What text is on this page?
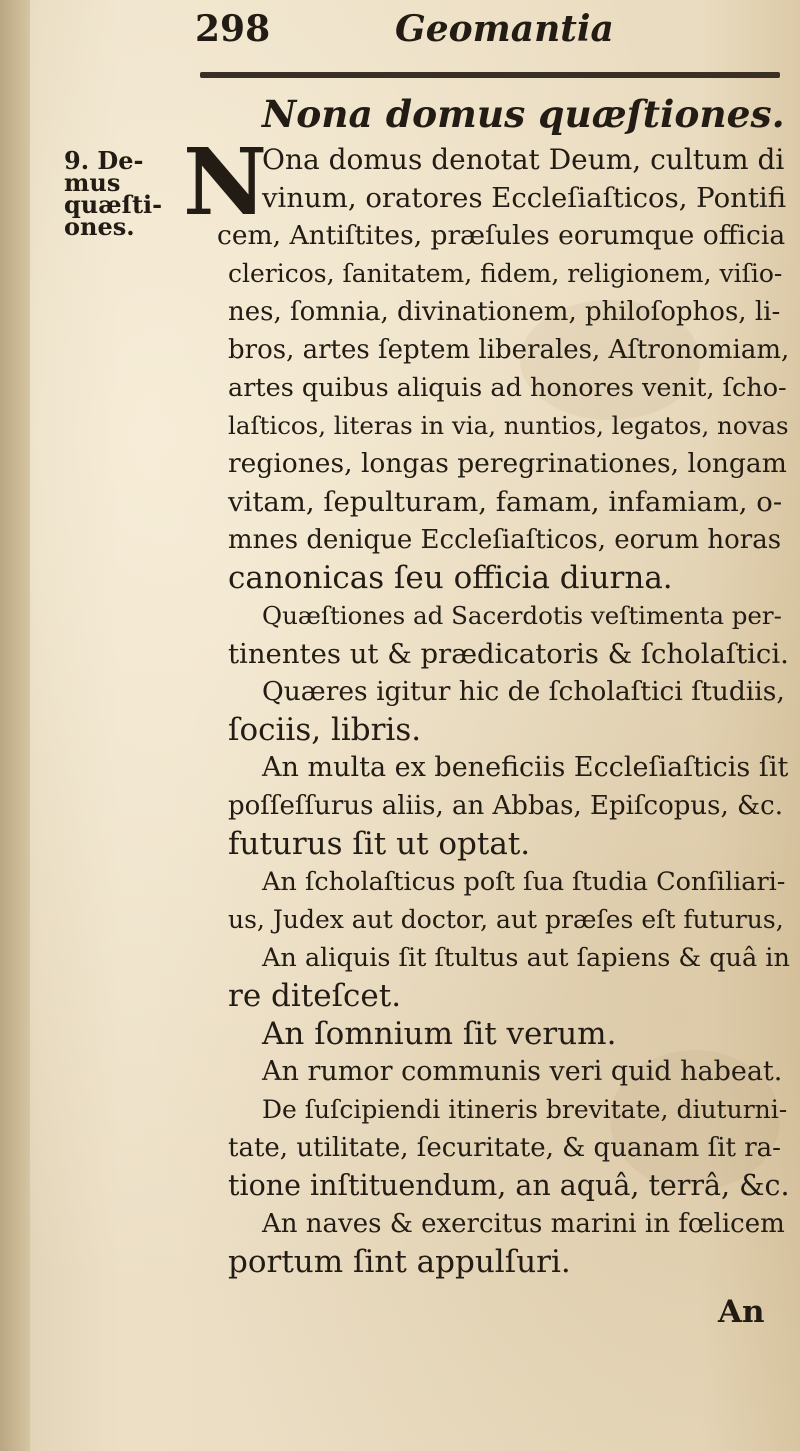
298	Geomantia
Nona domus quæſtiones.
9. De-
mus
quæſti-
ones. N
Ona domus denotat Deum, cultum di
vinum, oratores Eccleſiaſticos, Pontifi
cem, Antiſtites, præſules eorumque officia
clericos, ſanitatem, fidem, religionem, viſio-
nes, ſomnia, divinationem, philoſophos, li-
bros, artes ſeptem liberales, Aſtronomiam,
artes quibus aliquis ad honores venit, ſcho-
laſticos, literas in via, nuntios, legatos, novas
regiones, longas peregrinationes, longam
vitam, ſepulturam, famam, infamiam, o-
mnes denique Eccleſiaſticos, eorum horas
canonicas ſeu officia diurna.
Quæſtiones ad Sacerdotis veſtimenta per-
tinentes ut & prædicatoris & ſcholaſtici.
Quæres igitur hic de ſcholaſtici ſtudiis,
ſociis, libris.
An multa ex beneficiis Eccleſiaſticis ſit
poſſeſſurus aliis, an Abbas, Epiſcopus, &c.
futurus ſit ut optat.
An ſcholaſticus poſt ſua ſtudia Conſiliari-
us, Judex aut doctor, aut præſes eſt futurus,
An aliquis ſit ſtultus aut ſapiens & quâ in
re diteſcet.
An ſomnium ſit verum.
An rumor communis veri quid habeat.
De ſuſcipiendi itineris brevitate, diuturni-
tate, utilitate, ſecuritate, & quanam ſit ra-
tione inſtituendum, an aquâ, terrâ, &c.
An naves & exercitus marini in fœlicem
portum ſint appulſuri.
An
